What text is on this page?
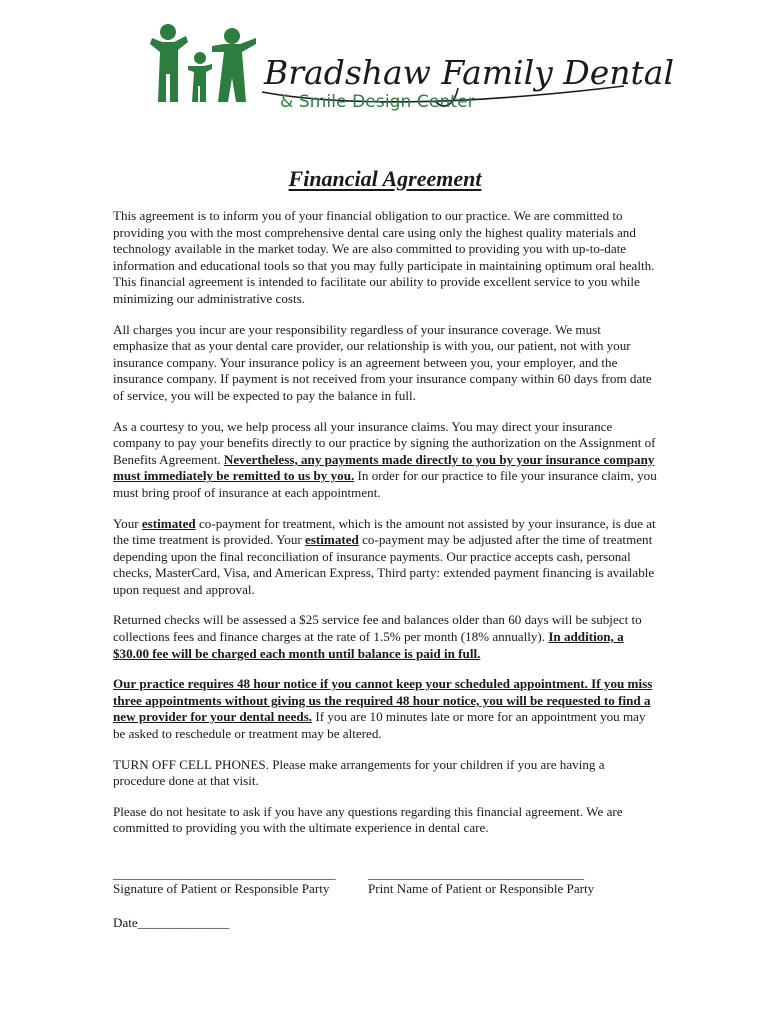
Bradshaw Family Dental
& Smile Design Center
Financial Agreement

This agreement is to inform you of your financial obligation to our practice. We are committed to providing you with the most comprehensive dental care using only the highest quality materials and technology available in the market today. We are also committed to providing you with up-to-date information and educational tools so that you may fully participate in maintaining optimum oral health. This financial agreement is intended to facilitate our ability to provide excellent service to you while minimizing our administrative costs.

All charges you incur are your responsibility regardless of your insurance coverage. We must emphasize that as your dental care provider, our relationship is with you, our patient, not with your insurance company. Your insurance policy is an agreement between you, your employer, and the insurance company. If payment is not received from your insurance company within 60 days from date of service, you will be expected to pay the balance in full.

As a courtesy to you, we help process all your insurance claims. You may direct your insurance company to pay your benefits directly to our practice by signing the authorization on the Assignment of Benefits Agreement. Nevertheless, any payments made directly to you by your insurance company must immediately be remitted to us by you. In order for our practice to file your insurance claim, you must bring proof of insurance at each appointment.

Your estimated co-payment for treatment, which is the amount not assisted by your insurance, is due at the time treatment is provided. Your estimated co-payment may be adjusted after the time of treatment depending upon the final reconciliation of insurance payments. Our practice accepts cash, personal checks, MasterCard, Visa, and American Express, Third party: extended payment financing is available upon request and approval.

Returned checks will be assessed a $25 service fee and balances older than 60 days will be subject to collections fees and finance charges at the rate of 1.5% per month (18% annually). In addition, a $30.00 fee will be charged each month until balance is paid in full.

Our practice requires 48 hour notice if you cannot keep your scheduled appointment. If you miss three appointments without giving us the required 48 hour notice, you will be requested to find a new provider for your dental needs. If you are 10 minutes late or more for an appointment you may be asked to reschedule or treatment may be altered.

TURN OFF CELL PHONES. Please make arrangements for your children if you are having a procedure done at that visit.

Please do not hesitate to ask if you have any questions regarding this financial agreement. We are committed to providing you with the ultimate experience in dental care.

__________________________________ _________________________________
Signature of Patient or Responsible Party	Print Name of Patient or Responsible Party
Date______________
